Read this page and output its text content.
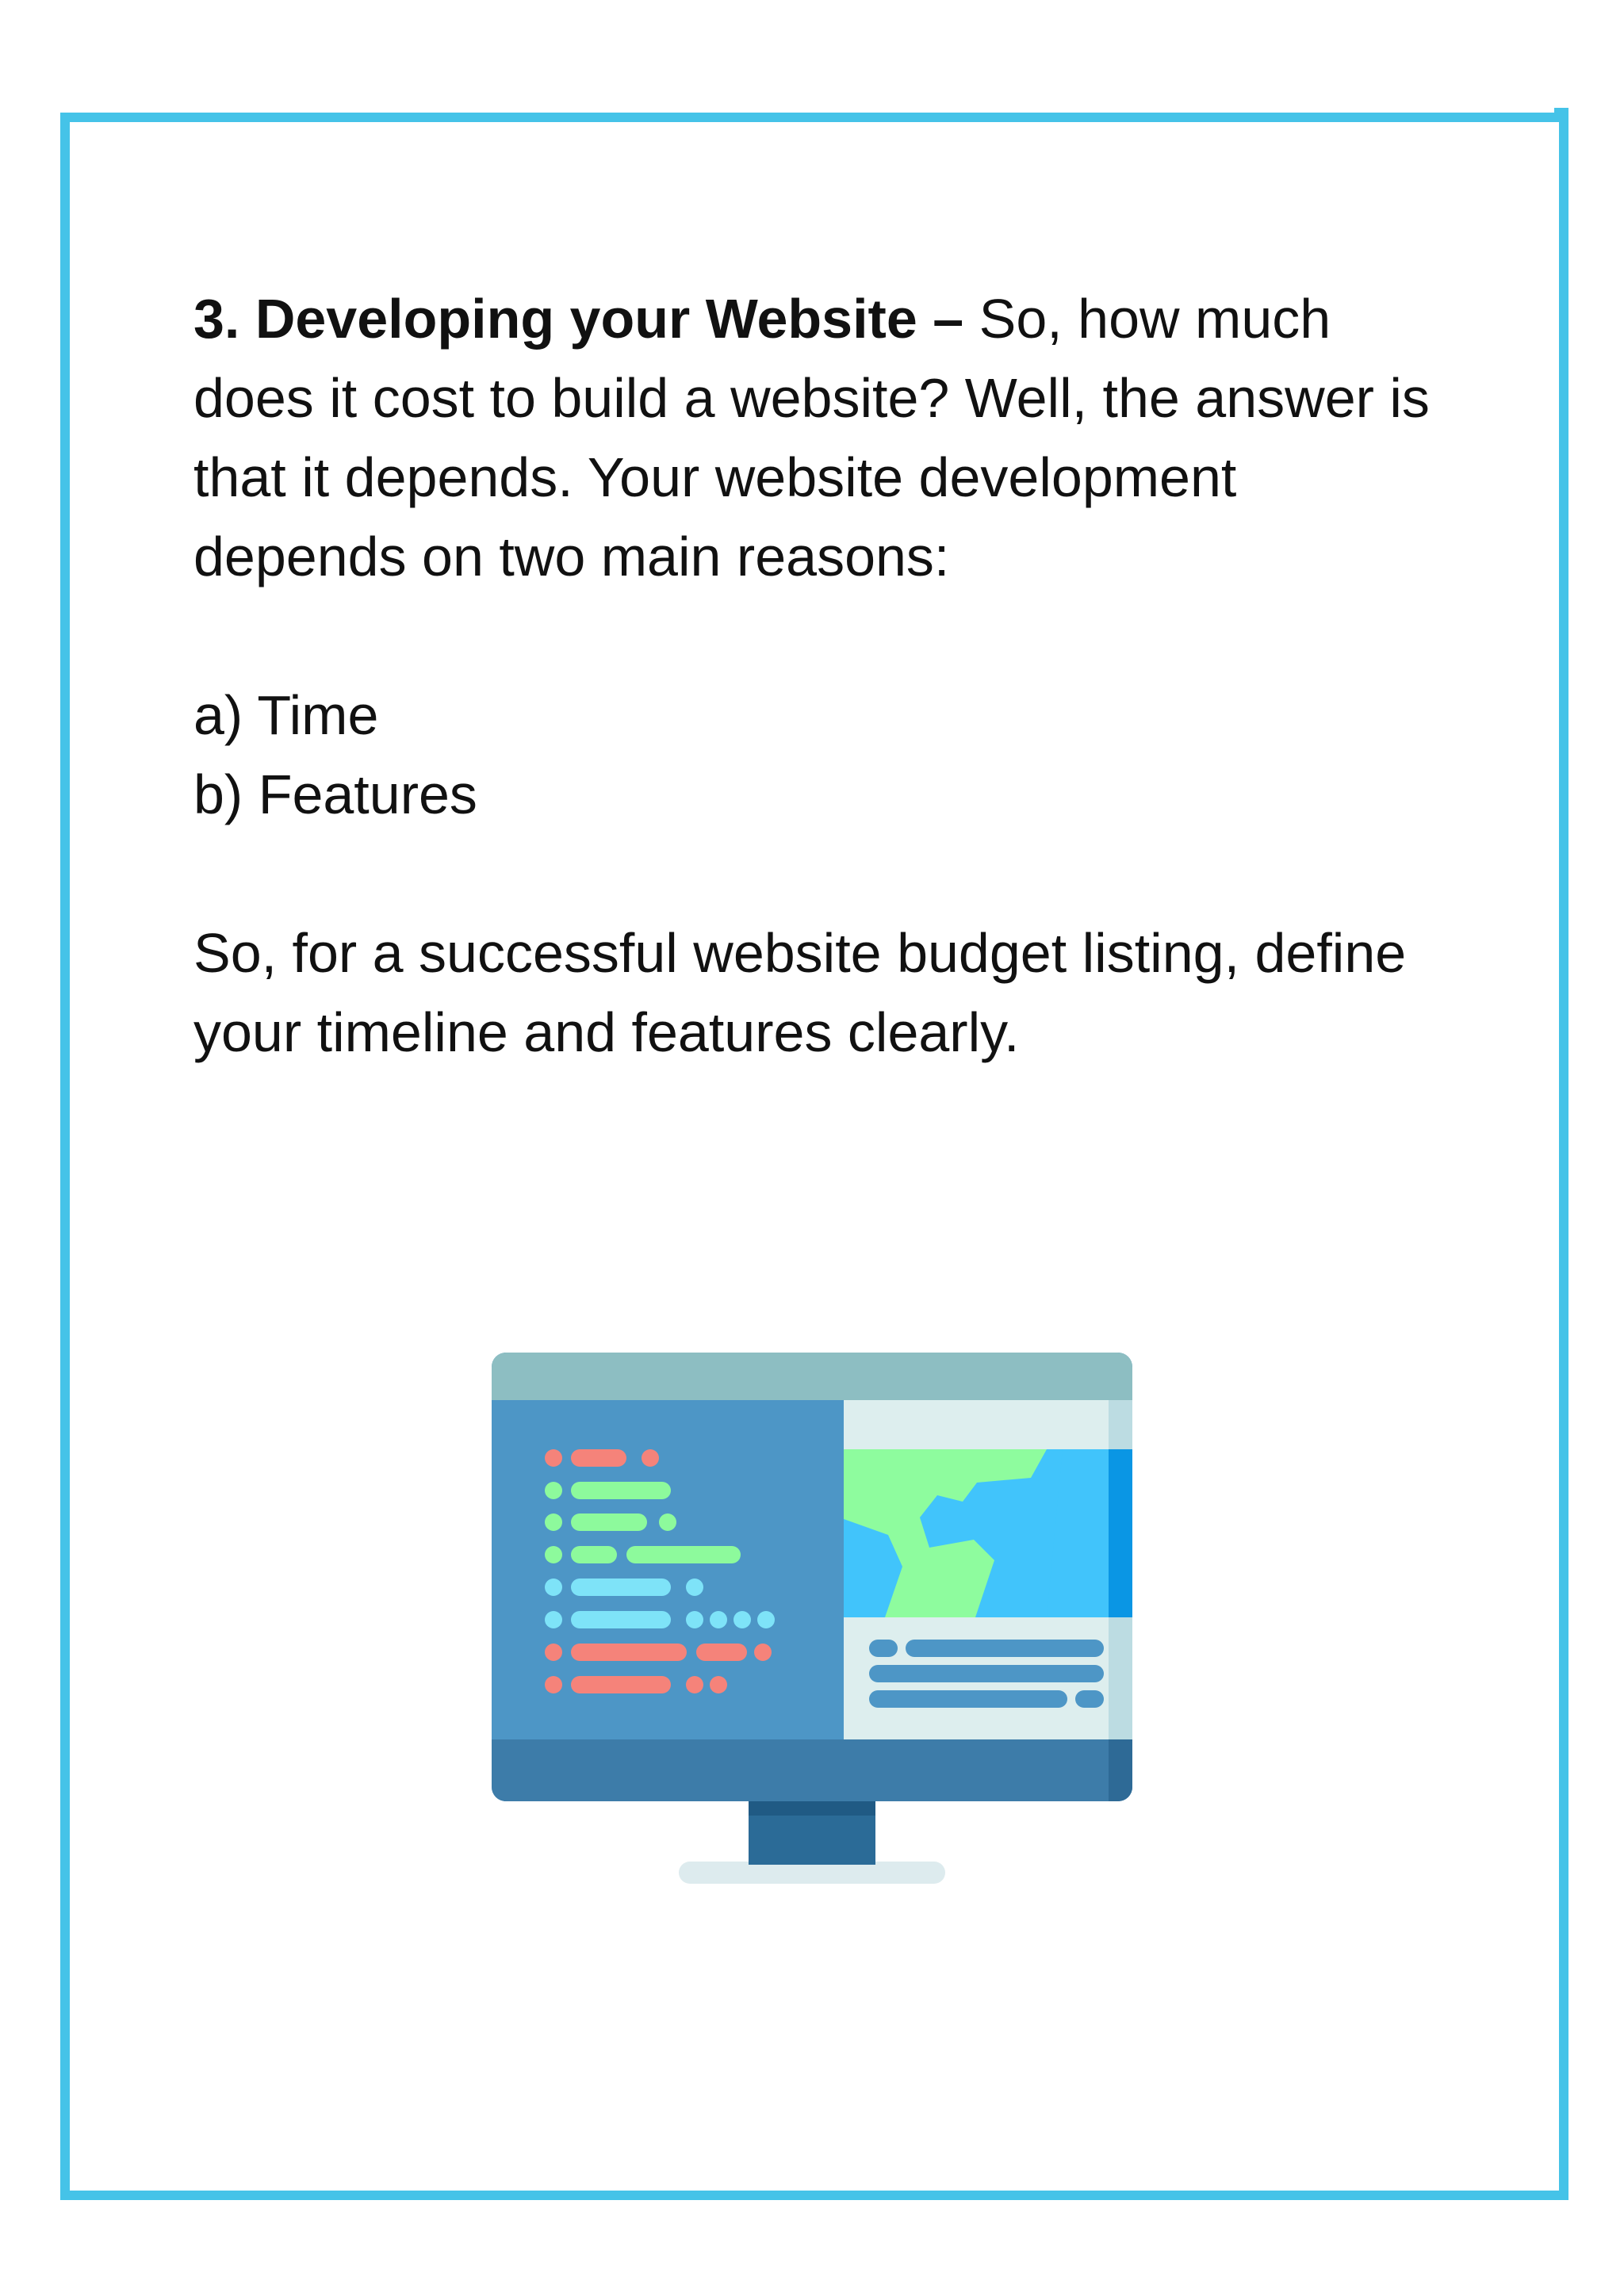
3. Developing your Website – So, how much does it cost to build a website? Well, the answer is that it depends. Your website development depends on two main reasons:

a) Time
b) Features

So, for a successful website budget listing, define your timeline and features clearly.
